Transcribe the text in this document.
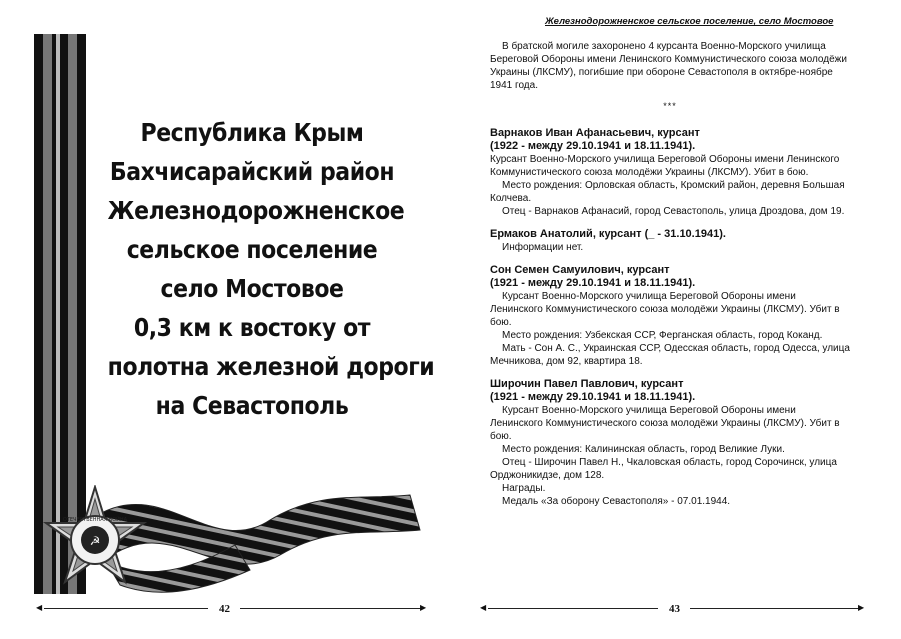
☭
ОТЕЧЕСТВЕННАЯ ВОЙНА
Республика Крым
Бахчисарайский район
Железнодорожненское
сельское поселение
село Мостовое
0,3 км к востоку от
полотна железной дороги
на Севастополь
◀	42	▶
Железнодорожненское сельское поселение, село Мостовое

В братской могиле захоронено 4 курсанта Военно-Морского училища Береговой Обороны имени Ленинского Коммунистического союза молодёжи Украины (ЛКСМУ), погибшие при обороне Севастополя в октябре-ноябре 1941 года.

***

Варнаков Иван Афанасьевич, курсант

(1922 - между 29.10.1941 и 18.11.1941).

Курсант Военно-Морского училища Береговой Обороны имени Ленинского Коммунистического союза молодёжи Украины (ЛКСМУ). Убит в бою.

Место рождения: Орловская область, Кромский район, деревня Большая Колчева.

Отец - Варнаков Афанасий, город Севастополь, улица Дроздова, дом 19.

Ермаков Анатолий, курсант (_ - 31.10.1941).

Информации нет.

Сон Семен Самуилович, курсант

(1921 - между 29.10.1941 и 18.11.1941).

Курсант Военно-Морского училища Береговой Обороны имени Ленинского Коммунистического союза молодёжи Украины (ЛКСМУ). Убит в бою.

Место рождения: Узбекская ССР, Ферганская область, город Коканд.

Мать - Сон А. С., Украинская ССР, Одесская область, город Одесса, улица Мечникова, дом 92, квартира 18.

Широчин Павел Павлович, курсант

(1921 - между 29.10.1941 и 18.11.1941).

Курсант Военно-Морского училища Береговой Обороны имени Ленинского Коммунистического союза молодёжи Украины (ЛКСМУ). Убит в бою.

Место рождения: Калининская область, город Великие Луки.

Отец - Широчин Павел Н., Чкаловская область, город Сорочинск, улица Орджоникидзе, дом 128.

Награды.

Медаль «За оборону Севастополя» - 07.01.1944.

◀	43	▶
